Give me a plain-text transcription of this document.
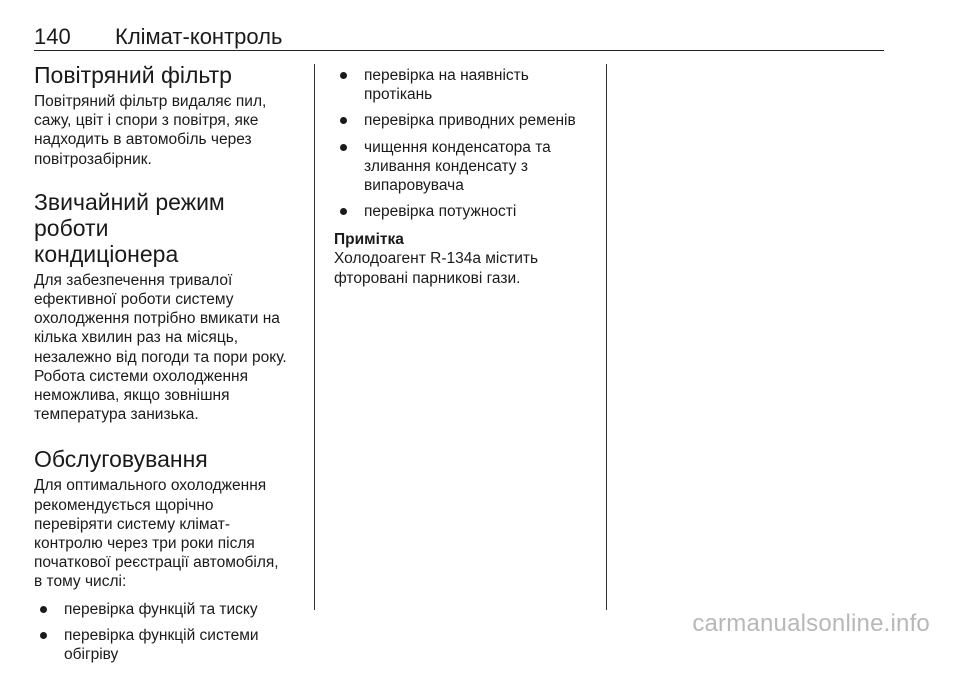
140 Клімат-контроль
Повітряний фільтр

Повітряний фільтр видаляє пил,
сажу, цвіт і спори з повітря, яке
надходить в автомобіль через
повітрозабірник.

Звичайний режим роботи
кондиціонера

Для забезпечення тривалої
ефективної роботи систему
охолодження потрібно вмикати на
кілька хвилин раз на місяць,
незалежно від погоди та пори року.
Робота системи охолодження
неможлива, якщо зовнішня
температура занизька.

Обслуговування

Для оптимального охолодження
рекомендується щорічно
перевіряти систему клімат-
контролю через три роки після
початкової реєстрації автомобіля,
в тому числі:

перевірка функцій та тиску
перевірка функцій системи
обігріву
перевірка на наявність
протікань
перевірка приводних ременів
чищення конденсатора та
зливання конденсату з
випаровувача
перевірка потужності
Примітка

Холодоагент R-134a містить
фторовані парникові гази.

carmanualsonline.info
